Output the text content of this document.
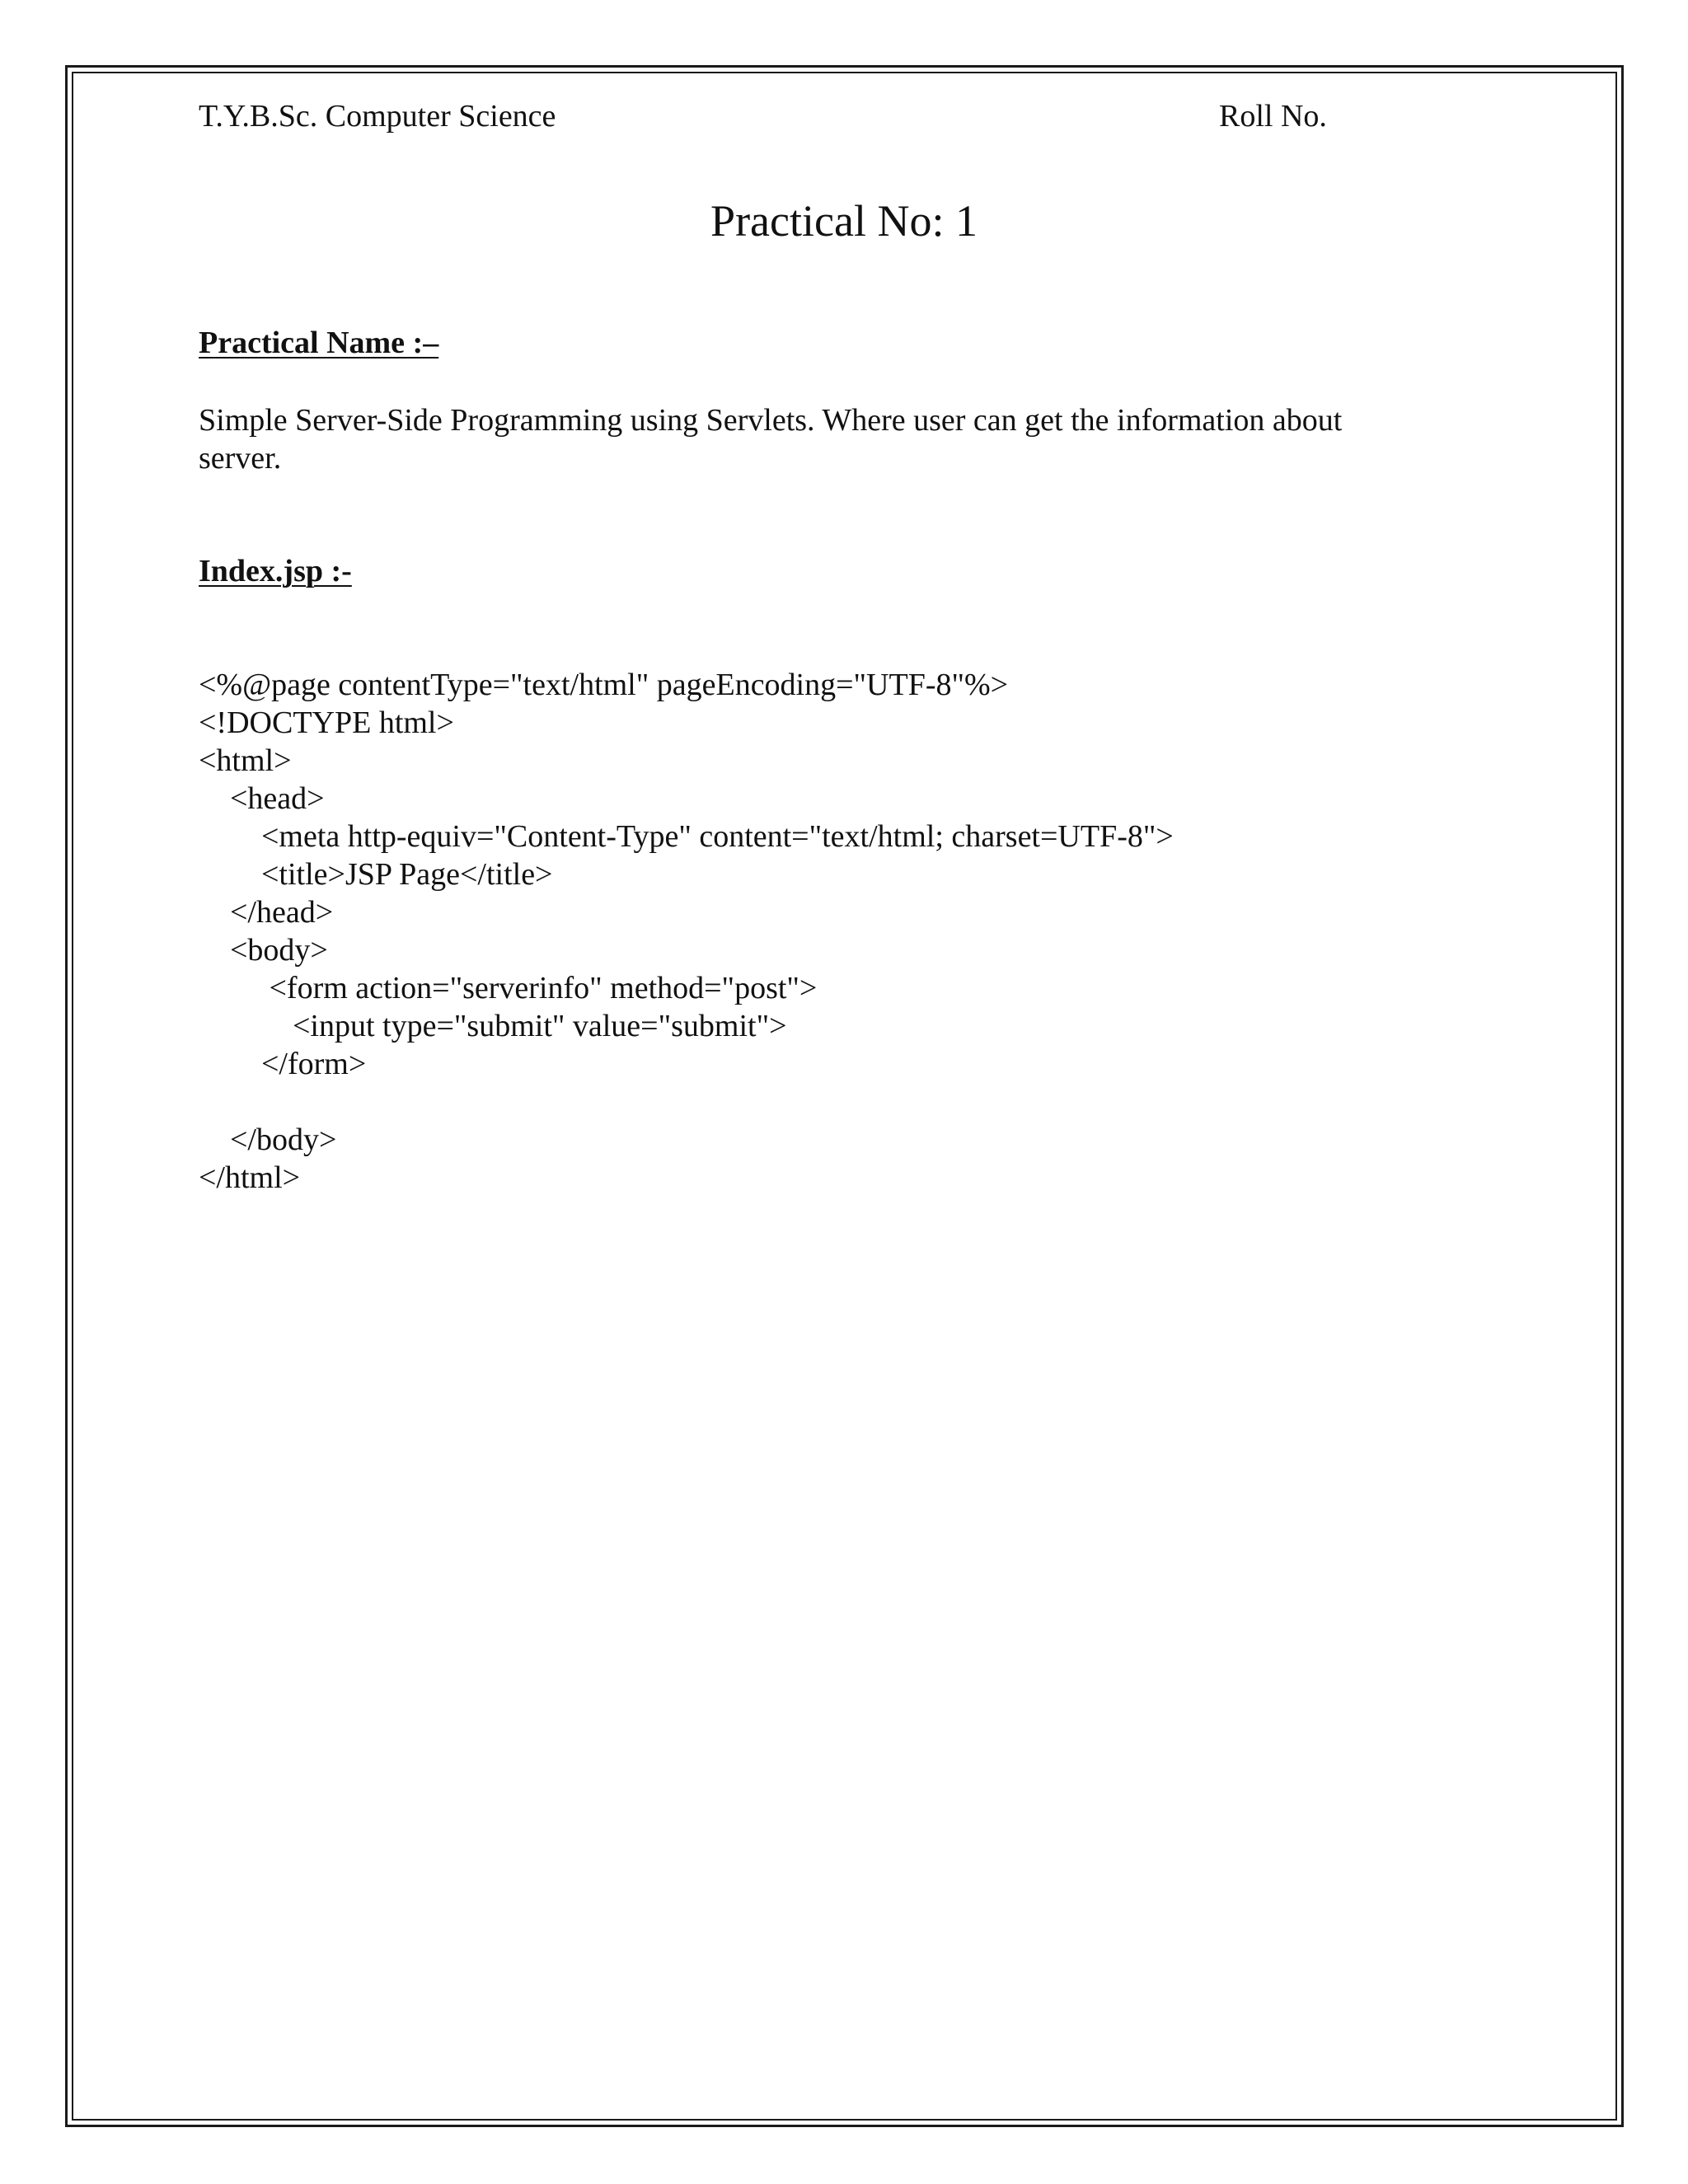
T.Y.B.Sc. Computer Science	Roll No.
Practical No: 1
Practical Name :–
Simple Server-Side Programming using Servlets. Where user can get the information about
server.
Index.jsp :-
<%@page contentType="text/html" pageEncoding="UTF-8"%>
<!DOCTYPE html>
<html>
<head>
<meta http-equiv="Content-Type" content="text/html; charset=UTF-8">
<title>JSP Page</title>
</head>
<body>
<form action="serverinfo" method="post">
<input type="submit" value="submit">
</form>
</body>
</html>
